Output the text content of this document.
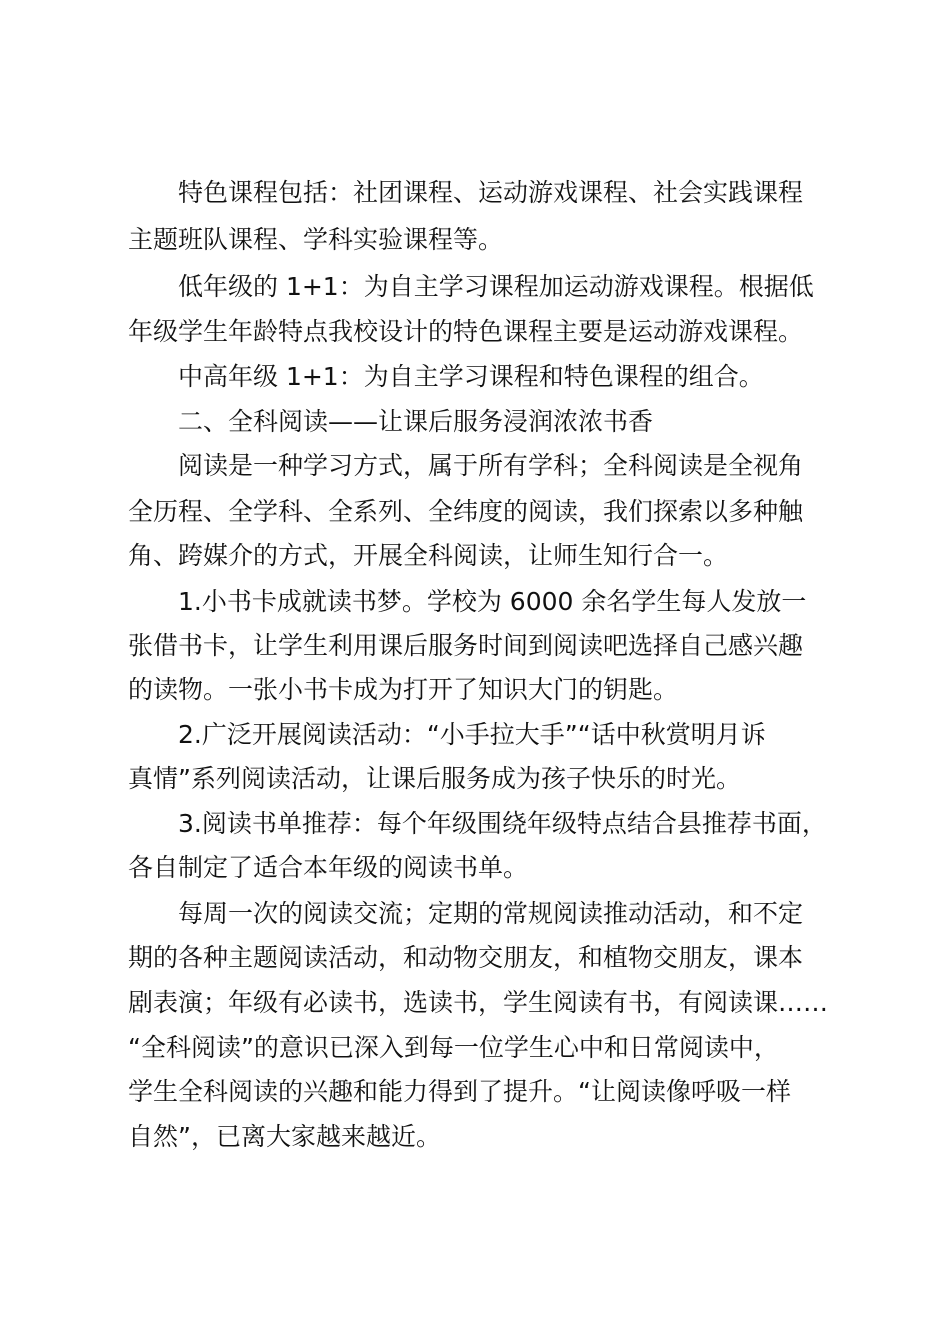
特色课程包括：社团课程、运动游戏课程、社会实践课程
主题班队课程、学科实验课程等。
低年级的 1+1：为自主学习课程加运动游戏课程。根据低
年级学生年龄特点我校设计的特色课程主要是运动游戏课程。
中高年级 1+1：为自主学习课程和特色课程的组合。
二、全科阅读——让课后服务浸润浓浓书香
阅读是一种学习方式，属于所有学科；全科阅读是全视角
全历程、全学科、全系列、全纬度的阅读，我们探索以多种触
角、跨媒介的方式，开展全科阅读，让师生知行合一。
1.小书卡成就读书梦。学校为 6000 余名学生每人发放一
张借书卡，让学生利用课后服务时间到阅读吧选择自己感兴趣
的读物。一张小书卡成为打开了知识大门的钥匙。
2.广泛开展阅读活动：“小手拉大手”“话中秋赏明月诉
真情”系列阅读活动，让课后服务成为孩子快乐的时光。
3.阅读书单推荐：每个年级围绕年级特点结合县推荐书面，
各自制定了适合本年级的阅读书单。
每周一次的阅读交流；定期的常规阅读推动活动，和不定
期的各种主题阅读活动，和动物交朋友，和植物交朋友，课本
剧表演；年级有必读书，选读书，学生阅读有书，有阅读课……
“全科阅读”的意识已深入到每一位学生心中和日常阅读中，
学生全科阅读的兴趣和能力得到了提升。“让阅读像呼吸一样
自然”，已离大家越来越近。
